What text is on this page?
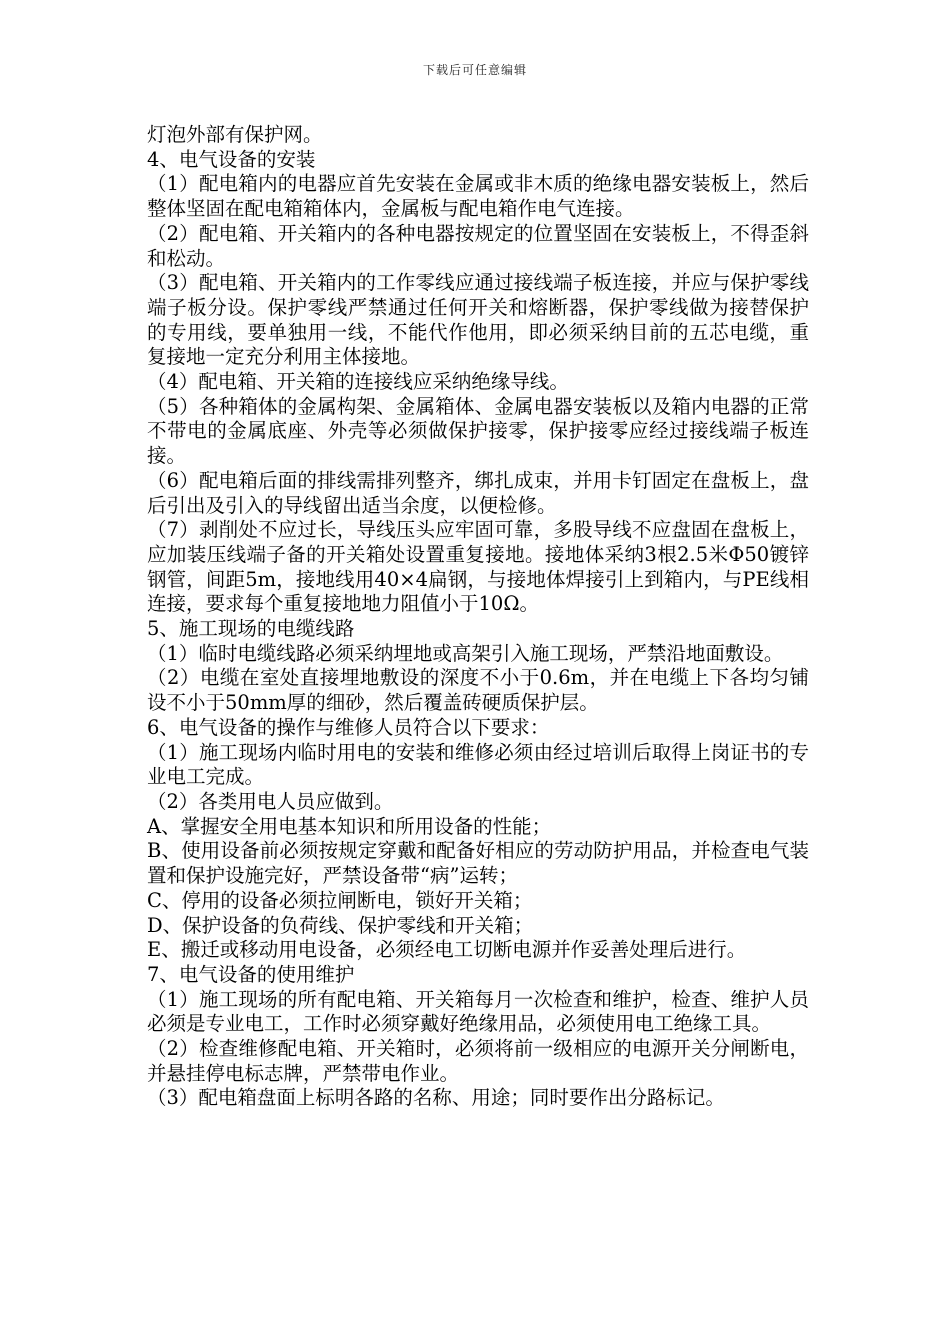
下载后可任意编辑

灯泡外部有保护网。

4、电气设备的安装

（1）配电箱内的电器应首先安装在金属或非木质的绝缘电器安装板上，然后整体坚固在配电箱箱体内，金属板与配电箱作电气连接。

（2）配电箱、开关箱内的各种电器按规定的位置坚固在安装板上，不得歪斜和松动。

（3）配电箱、开关箱内的工作零线应通过接线端子板连接，并应与保护零线端子板分设。保护零线严禁通过任何开关和熔断器，保护零线做为接替保护的专用线，要单独用一线，不能代作他用，即必须采纳目前的五芯电缆，重复接地一定充分利用主体接地。

（4）配电箱、开关箱的连接线应采纳绝缘导线。

（5）各种箱体的金属构架、金属箱体、金属电器安装板以及箱内电器的正常不带电的金属底座、外壳等必须做保护接零，保护接零应经过接线端子板连接。

（6）配电箱后面的排线需排列整齐，绑扎成束，并用卡钉固定在盘板上，盘后引出及引入的导线留出适当余度，以便检修。

（7）剥削处不应过长，导线压头应牢固可靠，多股导线不应盘固在盘板上，应加装压线端子备的开关箱处设置重复接地。接地体采纳3根2.5米Φ50镀锌钢管，间距5m，接地线用40×4扁钢，与接地体焊接引上到箱内，与PE线相连接，要求每个重复接地地力阻值小于10Ω。

5、施工现场的电缆线路

（1）临时电缆线路必须采纳埋地或高架引入施工现场，严禁沿地面敷设。

（2）电缆在室处直接埋地敷设的深度不小于0.6m，并在电缆上下各均匀铺设不小于50mm厚的细砂，然后覆盖砖硬质保护层。

6、电气设备的操作与维修人员符合以下要求：

（1）施工现场内临时用电的安装和维修必须由经过培训后取得上岗证书的专业电工完成。

（2）各类用电人员应做到。

A、掌握安全用电基本知识和所用设备的性能；

B、使用设备前必须按规定穿戴和配备好相应的劳动防护用品，并检查电气装置和保护设施完好，严禁设备带“病”运转；

C、停用的设备必须拉闸断电，锁好开关箱；

D、保护设备的负荷线、保护零线和开关箱；

E、搬迁或移动用电设备，必须经电工切断电源并作妥善处理后进行。

7、电气设备的使用维护

（1）施工现场的所有配电箱、开关箱每月一次检查和维护，检查、维护人员必须是专业电工，工作时必须穿戴好绝缘用品，必须使用电工绝缘工具。

（2）检查维修配电箱、开关箱时，必须将前一级相应的电源开关分闸断电，并悬挂停电标志牌，严禁带电作业。

（3）配电箱盘面上标明各路的名称、用途；同时要作出分路标记。
